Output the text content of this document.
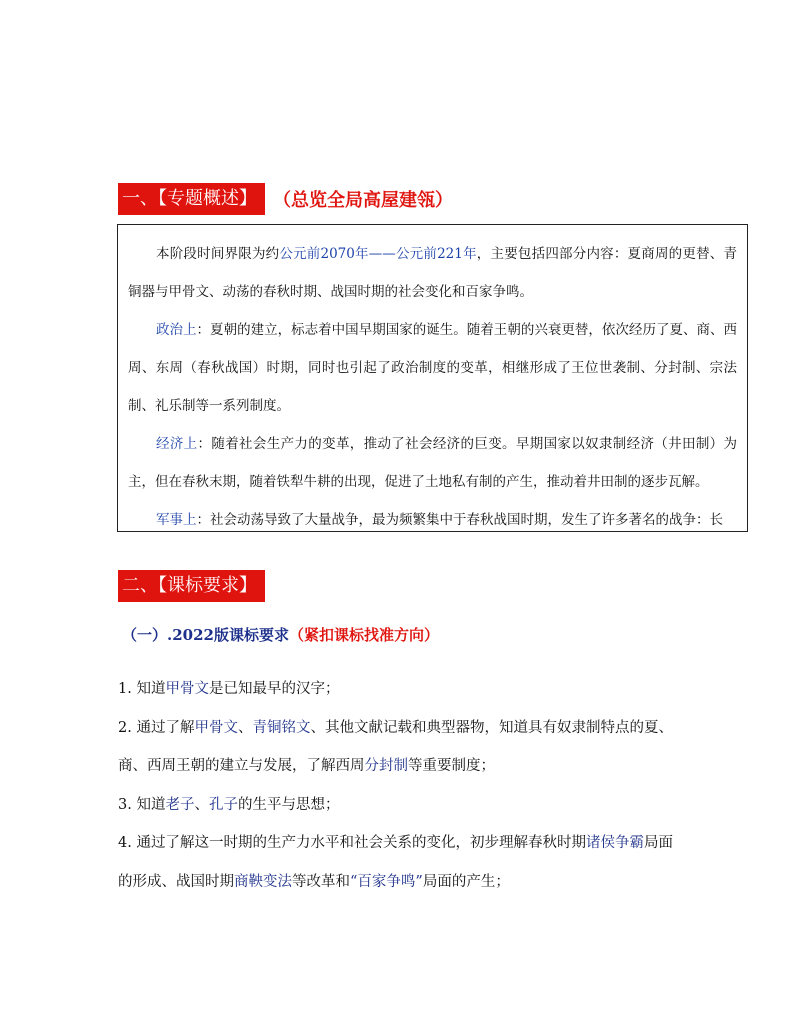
一、【专题概述】 （总览全局高屋建瓴）

本阶段时间界限为约公元前2070年——公元前221年，主要包括四部分内容：夏商周的更替、青铜器与甲骨文、动荡的春秋时期、战国时期的社会变化和百家争鸣。

政治上：夏朝的建立，标志着中国早期国家的诞生。随着王朝的兴衰更替，依次经历了夏、商、西周、东周（春秋战国）时期，同时也引起了政治制度的变革，相继形成了王位世袭制、分封制、宗法制、礼乐制等一系列制度。

经济上：随着社会生产力的变革，推动了社会经济的巨变。早期国家以奴隶制经济（井田制）为主，但在春秋末期，随着铁犁牛耕的出现，促进了土地私有制的产生，推动着井田制的逐步瓦解。

军事上：社会动荡导致了大量战争，最为频繁集中于春秋战国时期，发生了许多著名的战争：长

二、【课标要求】
（一）.2022版课标要求（紧扣课标找准方向）

1. 知道甲骨文是已知最早的汉字；

2. 通过了解甲骨文、青铜铭文、其他文献记载和典型器物，知道具有奴隶制特点的夏、

商、西周王朝的建立与发展，了解西周分封制等重要制度；

3. 知道老子、孔子的生平与思想；

4. 通过了解这一时期的生产力水平和社会关系的变化，初步理解春秋时期诸侯争霸局面

的形成、战国时期商鞅变法等改革和“百家争鸣”局面的产生；
